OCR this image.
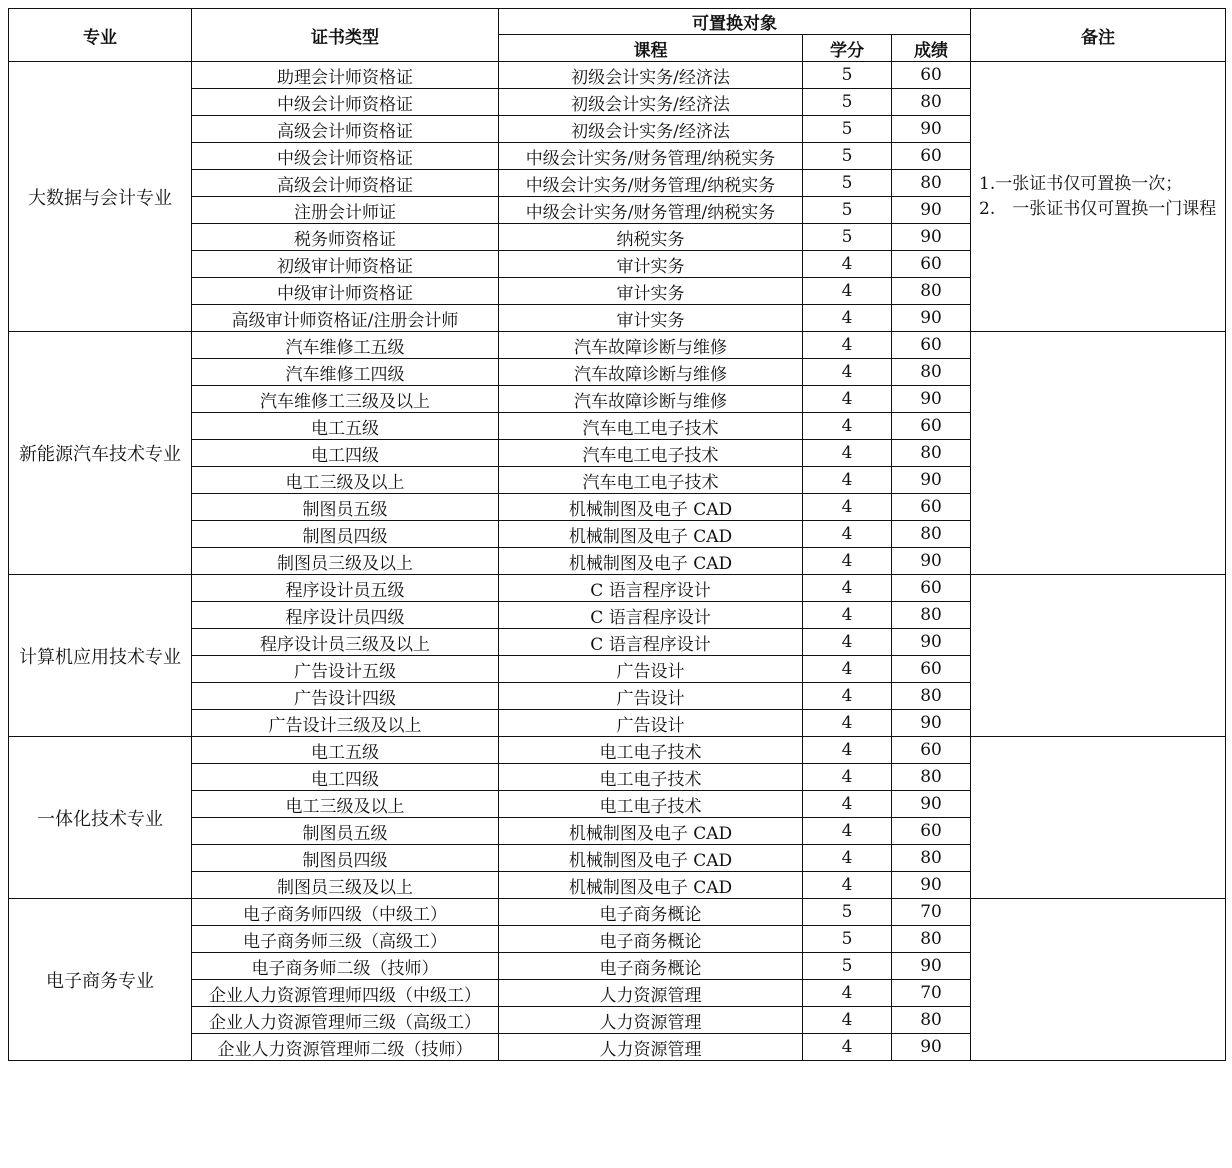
专业	证书类型	可置换对象			备注
		课程	学分	成绩	
大数据与会计专业	助理会计师资格证	初级会计实务/经济法	5	60	1.一张证书仅可置换一次；
2.　一张证书仅可置换一门课程

	中级会计师资格证	初级会计实务/经济法	5	80	
	高级会计师资格证	初级会计实务/经济法	5	90	
	中级会计师资格证	中级会计实务/财务管理/纳税实务	5	60	
	高级会计师资格证	中级会计实务/财务管理/纳税实务	5	80	
	注册会计师证	中级会计实务/财务管理/纳税实务	5	90	
	税务师资格证	纳税实务	5	90	
	初级审计师资格证	审计实务	4	60	
	中级审计师资格证	审计实务	4	80	
	高级审计师资格证/注册会计师	审计实务	4	90	
新能源汽车技术专业	汽车维修工五级	汽车故障诊断与维修	4	60	
	汽车维修工四级	汽车故障诊断与维修	4	80	
	汽车维修工三级及以上	汽车故障诊断与维修	4	90	
	电工五级	汽车电工电子技术	4	60	
	电工四级	汽车电工电子技术	4	80	
	电工三级及以上	汽车电工电子技术	4	90	
	制图员五级	机械制图及电子 CAD	4	60	
	制图员四级	机械制图及电子 CAD	4	80	
	制图员三级及以上	机械制图及电子 CAD	4	90	
计算机应用技术专业	程序设计员五级	C 语言程序设计	4	60	
	程序设计员四级	C 语言程序设计	4	80	
	程序设计员三级及以上	C 语言程序设计	4	90	
	广告设计五级	广告设计	4	60	
	广告设计四级	广告设计	4	80	
	广告设计三级及以上	广告设计	4	90	
一体化技术专业	电工五级	电工电子技术	4	60	
	电工四级	电工电子技术	4	80	
	电工三级及以上	电工电子技术	4	90	
	制图员五级	机械制图及电子 CAD	4	60	
	制图员四级	机械制图及电子 CAD	4	80	
	制图员三级及以上	机械制图及电子 CAD	4	90	
电子商务专业	电子商务师四级（中级工）	电子商务概论	5	70	
	电子商务师三级（高级工）	电子商务概论	5	80	
	电子商务师二级（技师）	电子商务概论	5	90	
	企业人力资源管理师四级（中级工）	人力资源管理	4	70	
	企业人力资源管理师三级（高级工）	人力资源管理	4	80	
	企业人力资源管理师二级（技师）	人力资源管理	4	90	
